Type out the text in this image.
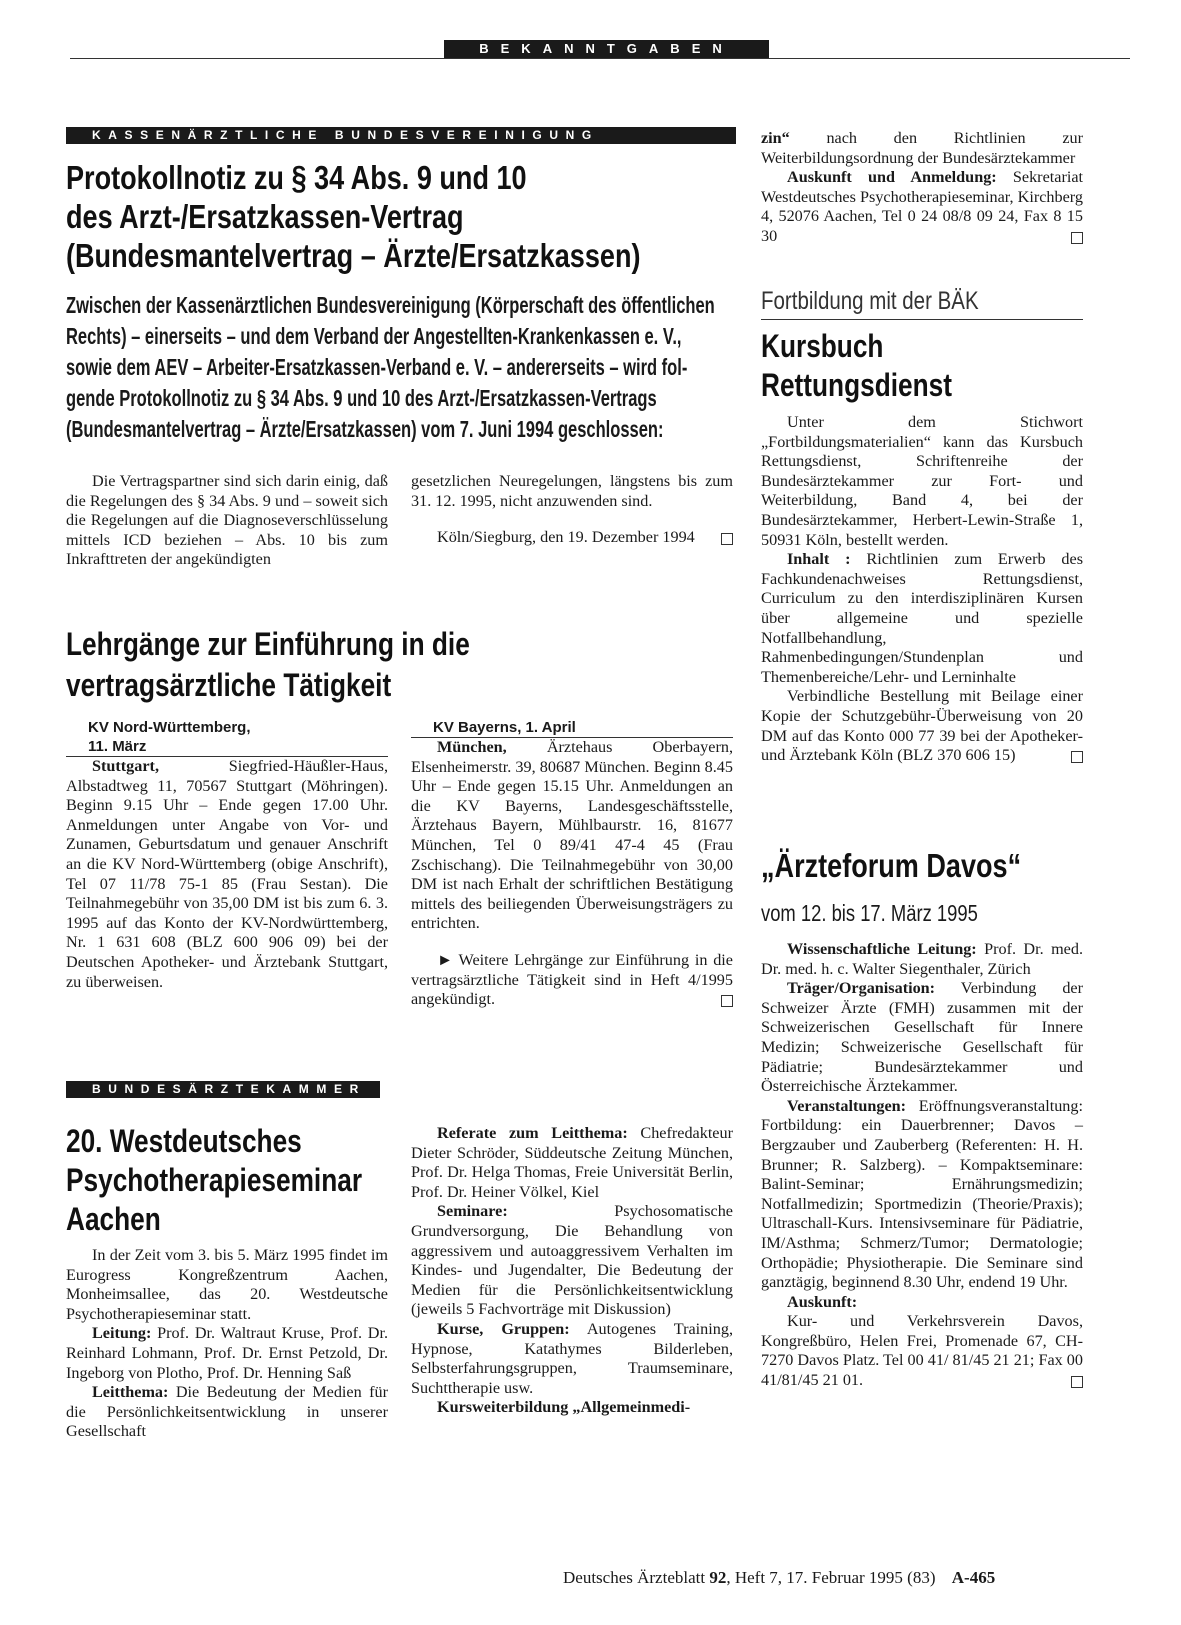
BEKANNTGABEN
KASSENÄRZTLICHE BUNDESVEREINIGUNG
Protokollnotiz zu § 34 Abs. 9 und 10
des Arzt-/Ersatzkassen-Vertrag
(Bundesmantelvertrag – Ärzte/Ersatzkassen)
Zwischen der Kassenärztlichen Bundesvereinigung (Körperschaft des öffentlichen
Rechts) – einerseits – und dem Verband der Angestellten-Krankenkassen e. V.,
sowie dem AEV – Arbeiter-Ersatzkassen-Verband e. V. – andererseits – wird fol-
gende Protokollnotiz zu § 34 Abs. 9 und 10 des Arzt-/Ersatzkassen-Vertrags
(Bundesmantelvertrag – Ärzte/Ersatzkassen) vom 7. Juni 1994 geschlossen:

Die Vertragspartner sind sich darin einig, daß die Regelungen des § 34 Abs. 9 und – soweit sich die Regelungen auf die Diagnoseverschlüsselung mittels ICD beziehen – Abs. 10 bis zum Inkrafttreten der angekündigten

gesetzlichen Neuregelungen, längstens bis zum 31. 12. 1995, nicht anzuwenden sind.

Köln/Siegburg, den 19. Dezember 1994

Lehrgänge zur Einführung in die
vertragsärztliche Tätigkeit
KV Nord-Württemberg,
11. März

Stuttgart, Siegfried-Häußler-Haus, Albstadtweg 11, 70567 Stuttgart (Möhringen). Beginn 9.15 Uhr – Ende gegen 17.00 Uhr. Anmeldungen unter Angabe von Vor- und Zunamen, Geburtsdatum und genauer Anschrift an die KV Nord-Württemberg (obige Anschrift), Tel 07 11/78 75-1 85 (Frau Sestan). Die Teilnahmegebühr von 35,00 DM ist bis zum 6. 3. 1995 auf das Konto der KV-Nordwürttemberg, Nr. 1 631 608 (BLZ 600 906 09) bei der Deutschen Apotheker- und Ärztebank Stuttgart, zu überweisen.

KV Bayerns, 1. April

München, Ärztehaus Oberbayern, Elsenheimerstr. 39, 80687 München. Beginn 8.45 Uhr – Ende gegen 15.15 Uhr. Anmeldungen an die KV Bayerns, Landesgeschäftsstelle, Ärztehaus Bayern, Mühlbaurstr. 16, 81677 München, Tel 0 89/41 47-4 45 (Frau Zschischang). Die Teilnahmegebühr von 30,00 DM ist nach Erhalt der schriftlichen Bestätigung mittels des beiliegenden Überweisungsträgers zu entrichten.

► Weitere Lehrgänge zur Einführung in die vertragsärztliche Tätigkeit sind in Heft 4/1995 angekündigt.

BUNDESÄRZTEKAMMER
20. Westdeutsches
Psychotherapieseminar
Aachen

In der Zeit vom 3. bis 5. März 1995 findet im Eurogress Kongreßzentrum Aachen, Monheimsallee, das 20. Westdeutsche Psychotherapieseminar statt.

Leitung: Prof. Dr. Waltraut Kruse, Prof. Dr. Reinhard Lohmann, Prof. Dr. Ernst Petzold, Dr. Ingeborg von Plotho, Prof. Dr. Henning Saß

Leitthema: Die Bedeutung der Medien für die Persönlichkeitsentwicklung in unserer Gesellschaft

Referate zum Leitthema: Chefredakteur Dieter Schröder, Süddeutsche Zeitung München, Prof. Dr. Helga Thomas, Freie Universität Berlin, Prof. Dr. Heiner Völkel, Kiel

Seminare: Psychosomatische Grundversorgung, Die Behandlung von aggressivem und autoaggressivem Verhalten im Kindes- und Jugendalter, Die Bedeutung der Medien für die Persönlichkeitsentwicklung (jeweils 5 Fachvorträge mit Diskussion)

Kurse, Gruppen: Autogenes Training, Hypnose, Katathymes Bilderleben, Selbsterfahrungsgruppen, Traumseminare, Suchttherapie usw.

Kursweiterbildung „Allgemeinmedi-

zin“ nach den Richtlinien zur Weiterbildungsordnung der Bundesärztekammer

Auskunft und Anmeldung: Sekretariat Westdeutsches Psychotherapieseminar, Kirchberg 4, 52076 Aachen, Tel 0 24 08/8 09 24, Fax 8 15 30

Fortbildung mit der BÄK
Kursbuch
Rettungsdienst

Unter dem Stichwort „Fortbildungsmaterialien“ kann das Kursbuch Rettungsdienst, Schriftenreihe der Bundesärztekammer zur Fort- und Weiterbildung, Band 4, bei der Bundesärztekammer, Herbert-Lewin-Straße 1, 50931 Köln, bestellt werden.

Inhalt : Richtlinien zum Erwerb des Fachkundenachweises Rettungsdienst, Curriculum zu den interdisziplinären Kursen über allgemeine und spezielle Notfallbehandlung, Rahmenbedingungen/Stundenplan und Themenbereiche/Lehr- und Lerninhalte

Verbindliche Bestellung mit Beilage einer Kopie der Schutzgebühr-Überweisung von 20 DM auf das Konto 000 77 39 bei der Apotheker- und Ärztebank Köln (BLZ 370 606 15)

„Ärzteforum Davos“
vom 12. bis 17. März 1995

Wissenschaftliche Leitung: Prof. Dr. med. Dr. med. h. c. Walter Siegenthaler, Zürich

Träger/Organisation: Verbindung der Schweizer Ärzte (FMH) zusammen mit der Schweizerischen Gesellschaft für Innere Medizin; Schweizerische Gesellschaft für Pädiatrie; Bundesärztekammer und Österreichische Ärztekammer.

Veranstaltungen: Eröffnungsveranstaltung: Fortbildung: ein Dauerbrenner; Davos – Bergzauber und Zauberberg (Referenten: H. H. Brunner; R. Salzberg). – Kompaktseminare: Balint-Seminar; Ernährungsmedizin; Notfallmedizin; Sportmedizin (Theorie/Praxis); Ultraschall-Kurs. Intensivseminare für Pädiatrie, IM/Asthma; Schmerz/Tumor; Dermatologie; Orthopädie; Physiotherapie. Die Seminare sind ganztägig, beginnend 8.30 Uhr, endend 19 Uhr.

Auskunft:

Kur- und Verkehrsverein Davos, Kongreßbüro, Helen Frei, Promenade 67, CH-7270 Davos Platz. Tel 00 41/ 81/45 21 21; Fax 00 41/81/45 21 01.

Deutsches Ärzteblatt 92, Heft 7, 17. Februar 1995 (83) A-465
